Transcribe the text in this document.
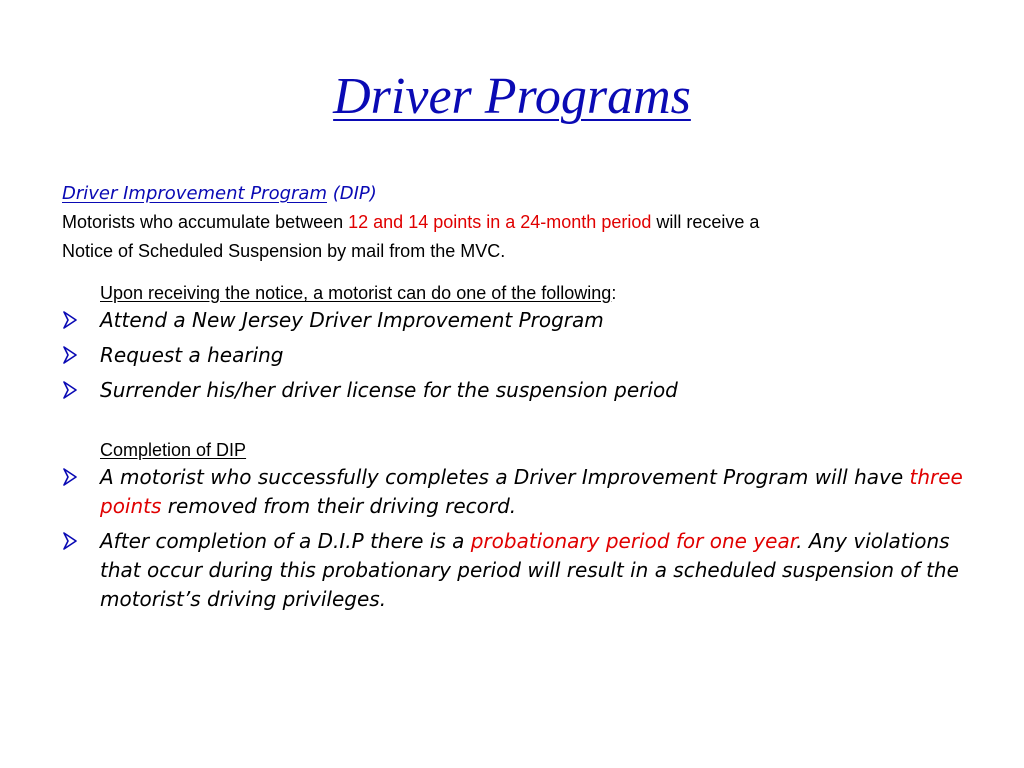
Driver Programs
Driver Improvement Program (DIP)

Motorists who accumulate between 12 and 14 points in a 24-month period will receive a Notice of Scheduled Suspension by mail from the MVC.

Upon receiving the notice, a motorist can do one of the following:
Attend a New Jersey Driver Improvement Program
Request a hearing
Surrender his/her driver license for the suspension period
Completion of DIP
A motorist who successfully completes a Driver Improvement Program will have three points removed from their driving record.
After completion of a D.I.P there is a probationary period for one year. Any violations that occur during this probationary period will result in a scheduled suspension of the motorist’s driving privileges.
